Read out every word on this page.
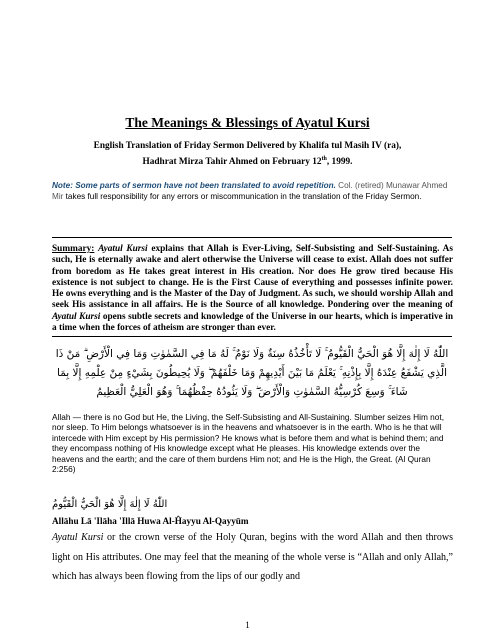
The Meanings & Blessings of Ayatul Kursi
English Translation of Friday Sermon Delivered by Khalifa tul Masih IV (ra),
Hadhrat Mirza Tahir Ahmed on February 12th, 1999.
Note: Some parts of sermon have not been translated to avoid repetition. Col. (retired) Munawar Ahmed Mir takes full responsibility for any errors or miscommunication in the translation of the Friday Sermon.
Summary: Ayatul Kursi explains that Allah is Ever-Living, Self-Subsisting and Self-Sustaining. As such, He is eternally awake and alert otherwise the Universe will cease to exist. Allah does not suffer from boredom as He takes great interest in His creation. Nor does He grow tired because His existence is not subject to change. He is the First Cause of everything and possesses infinite power. He owns everything and is the Master of the Day of Judgment. As such, we should worship Allah and seek His assistance in all affairs. He is the Source of all knowledge. Pondering over the meaning of Ayatul Kursi opens subtle secrets and knowledge of the Universe in our hearts, which is imperative in a time when the forces of atheism are stronger than ever.
اللّٰهُ لَا إِلٰهَ إِلَّا هُوَ الْحَيُّ الْقَيُّومُ ۚ لَا تَأْخُذُهُ سِنَةٌ وَلَا نَوْمٌ ۚ لَهُ مَا فِي السَّمٰوٰتِ وَمَا فِي الْأَرْضِ ۗ مَنْ ذَا الَّذِي يَشْفَعُ عِنْدَهُ إِلَّا بِإِذْنِهِ ۚ يَعْلَمُ مَا بَيْنَ أَيْدِيهِمْ وَمَا خَلْفَهُمْ ۖ وَلَا يُحِيطُونَ بِشَيْءٍ مِنْ عِلْمِهِ إِلَّا بِمَا شَاءَ ۚ وَسِعَ كُرْسِيُّهُ السَّمٰوٰتِ وَالْأَرْضَ ۖ وَلَا يَئُودُهُ حِفْظُهُمَا ۚ وَهُوَ الْعَلِيُّ الْعَظِيمُ
Allah — there is no God but He, the Living, the Self-Subsisting and All-Sustaining. Slumber seizes Him not, nor sleep. To Him belongs whatsoever is in the heavens and whatsoever is in the earth. Who is he that will intercede with Him except by His permission? He knows what is before them and what is behind them; and they encompass nothing of His knowledge except what He pleases. His knowledge extends over the heavens and the earth; and the care of them burdens Him not; and He is the High, the Great. (Al Quran 2:256)
اللّٰهُ لَا إِلٰهَ إِلَّا هُوَ الْحَيُّ الْقَيُّومُ
Allāhu Lā 'Ilāha 'Illā Huwa Al-Ĥayyu Al-Qayyūm
Ayatul Kursi or the crown verse of the Holy Quran, begins with the word Allah and then throws light on His attributes. One may feel that the meaning of the whole verse is “Allah and only Allah,” which has always been flowing from the lips of our godly and
1
